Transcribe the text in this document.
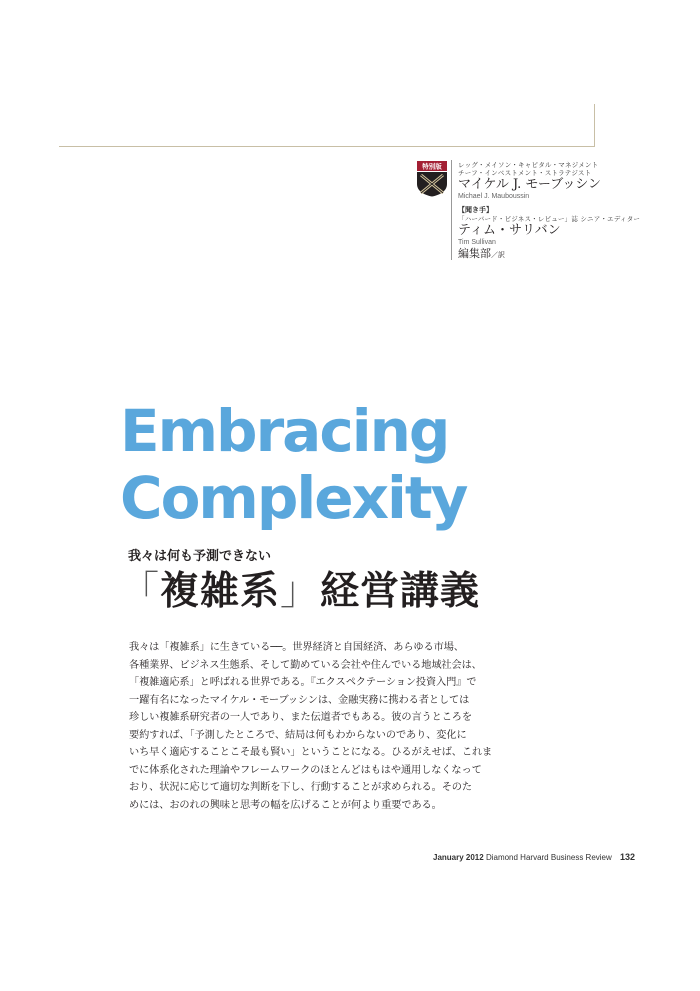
特別版	レッグ・メイソン・キャピタル・マネジメント
チーフ・インベストメント・ストラテジスト
マイケル J. モーブッシン
Michael J. Mauboussin
【聞き手】
「ハーバード・ビジネス・レビュー」誌 シニア・エディター
ティム・サリバン
Tim Sullivan
編集部／訳
Embracing
Complexity
我々は何も予測できない
「複雑系」経営講義
我々は「複雑系」に生きている──。世界経済と自国経済、あらゆる市場、
各種業界、ビジネス生態系、そして勤めている会社や住んでいる地域社会は、
「複雑適応系」と呼ばれる世界である。『エクスペクテーション投資入門』で
一躍有名になったマイケル・モーブッシンは、金融実務に携わる者としては
珍しい複雑系研究者の一人であり、また伝道者でもある。彼の言うところを
要約すれば、「予測したところで、結局は何もわからないのであり、変化に
いち早く適応することこそ最も賢い」ということになる。ひるがえせば、これま
でに体系化された理論やフレームワークのほとんどはもはや通用しなくなって
おり、状況に応じて適切な判断を下し、行動することが求められる。そのた
めには、おのれの興味と思考の幅を広げることが何より重要である。
January 2012 Diamond Harvard Business Review 132
